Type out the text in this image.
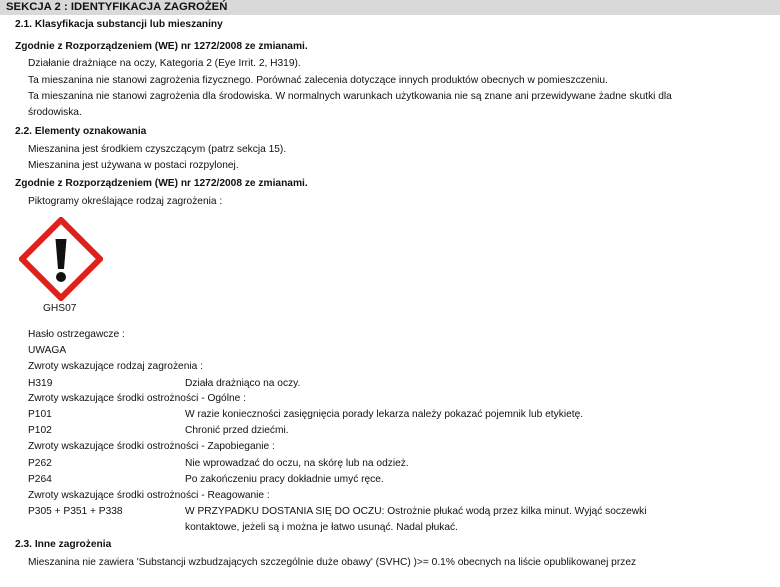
SEKCJA 2 : IDENTYFIKACJA ZAGROŻEŃ
2.1. Klasyfikacja substancji lub mieszaniny
Zgodnie z Rozporządzeniem (WE) nr 1272/2008 ze zmianami.
Działanie drażniące na oczy, Kategoria 2 (Eye Irrit. 2, H319).
Ta mieszanina nie stanowi zagrożenia fizycznego. Porównać zalecenia dotyczące innych produktów obecnych w pomieszczeniu.
Ta mieszanina nie stanowi zagrożenia dla środowiska. W normalnych warunkach użytkowania nie są znane ani przewidywane żadne skutki dla
środowiska.
2.2. Elementy oznakowania
Mieszanina jest środkiem czyszczącym (patrz sekcja 15).
Mieszanina jest używana w postaci rozpylonej.
Zgodnie z Rozporządzeniem (WE) nr 1272/2008 ze zmianami.
Piktogramy określające rodzaj zagrożenia :
GHS07
Hasło ostrzegawcze :
UWAGA
Zwroty wskazujące rodzaj zagrożenia :
H319	Działa drażniąco na oczy.
Zwroty wskazujące środki ostrożności - Ogólne :
P101	W razie konieczności zasięgnięcia porady lekarza należy pokazać pojemnik lub etykietę.
P102	Chronić przed dziećmi.
Zwroty wskazujące środki ostrożności - Zapobieganie :
P262	Nie wprowadzać do oczu, na skórę lub na odzież.
P264	Po zakończeniu pracy dokładnie umyć ręce.
Zwroty wskazujące środki ostrożności - Reagowanie :
P305 + P351 + P338	W PRZYPADKU DOSTANIA SIĘ DO OCZU: Ostrożnie płukać wodą przez kilka minut. Wyjąć soczewki
kontaktowe, jeżeli są i można je łatwo usunąć. Nadal płukać.
2.3. Inne zagrożenia
Mieszanina nie zawiera 'Substancji wzbudzających szczególnie duże obawy' (SVHC) )>= 0.1% obecnych na liście opublikowanej przez
